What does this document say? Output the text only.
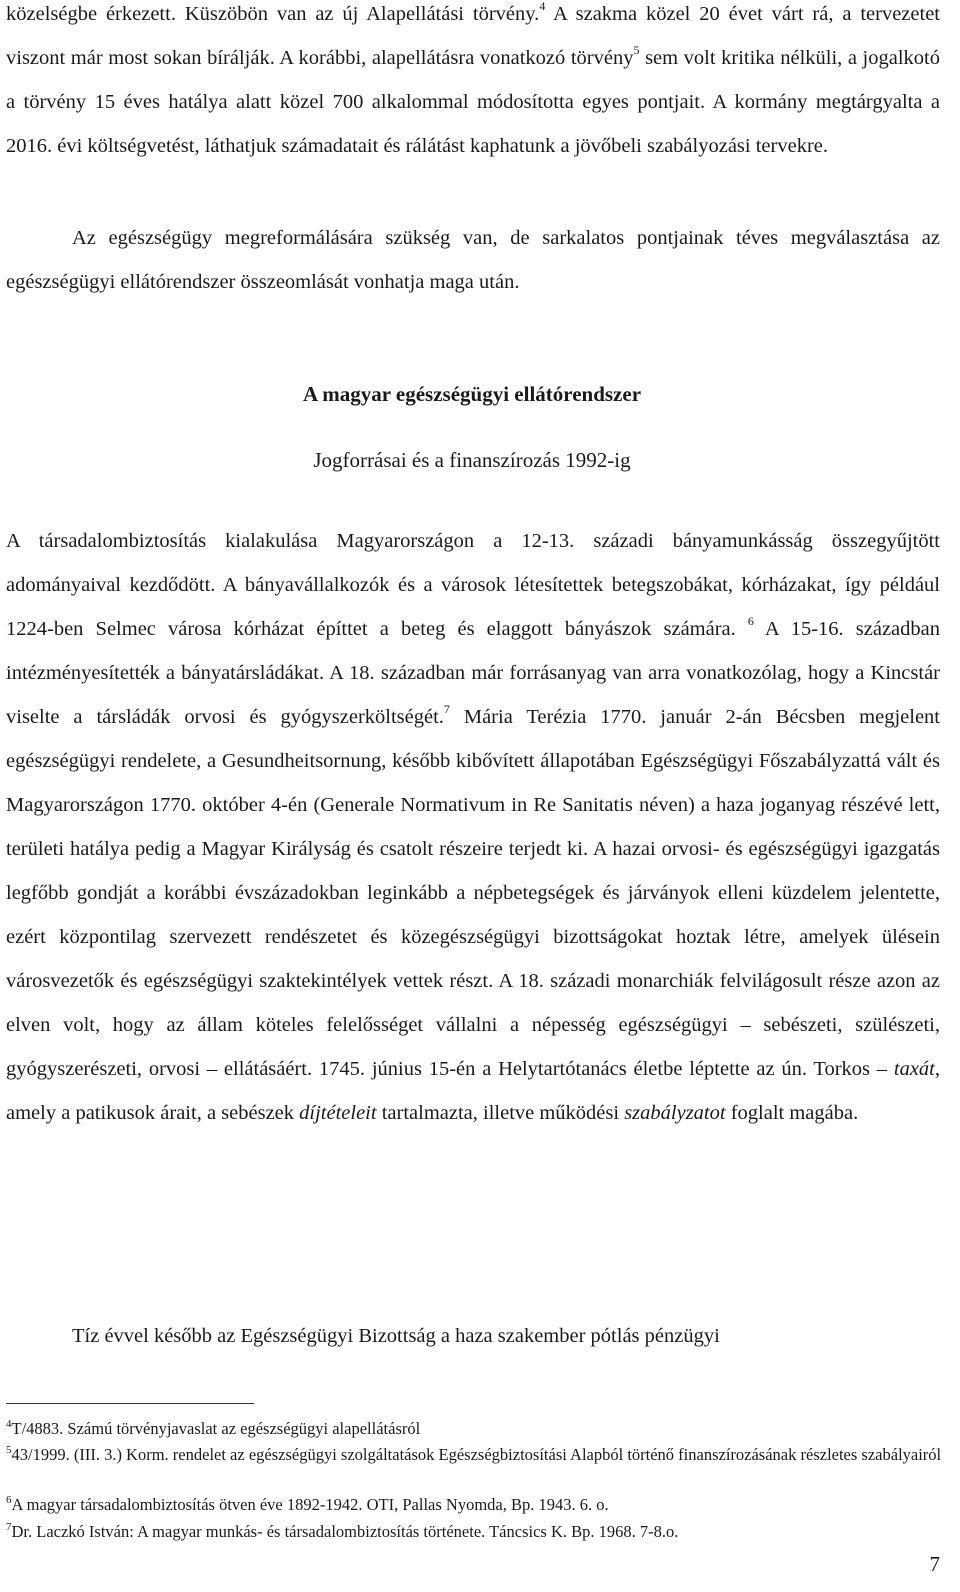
közelségbe érkezett. Küszöbön van az új Alapellátási törvény.$^4$ A szakma közel 20 évet várt rá, a tervezetet viszont már most sokan bírálják. A korábbi, alapellátásra vonatkozó törvény$^5$ sem volt kritika nélküli, a jogalkotó a törvény 15 éves hatálya alatt közel 700 alkalommal módosította egyes pontjait. A kormány megtárgyalta a 2016. évi költségvetést, láthatjuk számadatait és rálátást kaphatunk a jövőbeli szabályozási tervekre.

Az egészségügy megreformálására szükség van, de sarkalatos pontjainak téves megválasztása az egészségügyi ellátórendszer összeomlását vonhatja maga után.

A magyar egészségügyi ellátórendszer
Jogforrásai és a finanszírozás 1992-ig

A társadalombiztosítás kialakulása Magyarországon a 12-13. századi bányamunkásság összegyűjtött adományaival kezdődött. A bányavállalkozók és a városok létesítettek betegszobákat, kórházakat, így például 1224-ben Selmec városa kórházat építtet a beteg és elaggott bányászok számára. $^6$ A 15-16. században intézményesítették a bányatársládákat. A 18. században már forrásanyag van arra vonatkozólag, hogy a Kincstár viselte a társládák orvosi és gyógyszerköltségét.$^7$ Mária Terézia 1770. január 2-án Bécsben megjelent egészségügyi rendelete, a Gesundheitsornung, később kibővített állapotában Egészségügyi Főszabályzattá vált és Magyarországon 1770. október 4-én (Generale Normativum in Re Sanitatis néven) a haza joganyag részévé lett, területi hatálya pedig a Magyar Királyság és csatolt részeire terjedt ki. A hazai orvosi- és egészségügyi igazgatás legfőbb gondját a korábbi évszázadokban leginkább a népbetegségek és járványok elleni küzdelem jelentette, ezért központilag szervezett rendészetet és közegészségügyi bizottságokat hoztak létre, amelyek ülésein városvezetők és egészségügyi szaktekintélyek vettek részt. A 18. századi monarchiák felvilágosult része azon az elven volt, hogy az állam köteles felelősséget vállalni a népesség egészségügyi – sebészeti, szülészeti, gyógyszerészeti, orvosi – ellátásáért. 1745. június 15-én a Helytartótanács életbe léptette az ún. Torkos – taxát, amely a patikusok árait, a sebészek díjtételeit tartalmazta, illetve működési szabályzatot foglalt magába.

Tíz évvel később az Egészségügyi Bizottság a haza szakember pótlás pénzügyi

$^4$T/4883. Számú törvényjavaslat az egészségügyi alapellátásról

$^5$43/1999. (III. 3.) Korm. rendelet az egészségügyi szolgáltatások Egészségbiztosítási Alapból történő finanszírozásának részletes szabályairól

$^6$A magyar társadalombiztosítás ötven éve 1892-1942. OTI, Pallas Nyomda, Bp. 1943. 6. o.

$^7$Dr. Laczkó István: A magyar munkás- és társadalombiztosítás története. Táncsics K. Bp. 1968. 7-8.o.

7
